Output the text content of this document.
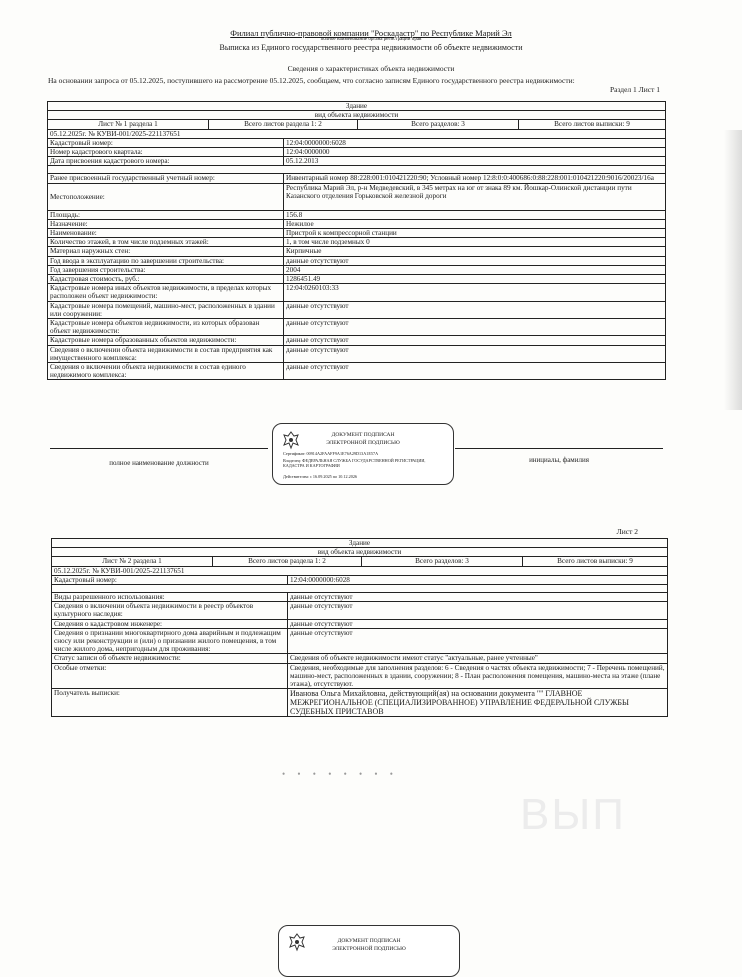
Филиал публично-правовой компании "Роскадастр" по Республике Марий Эл
полное наименование органа регистрации прав
Выписка из Единого государственного реестра недвижимости об объекте недвижимости
Сведения о характеристиках объекта недвижимости
На основании запроса от 05.12.2025, поступившего на рассмотрение 05.12.2025, сообщаем, что согласно записям Единого государственного реестра недвижимости:
Раздел 1 Лист 1
Здание	
вид объекта недвижимости	

Лист № 1 раздела 1 Всего листов раздела 1: 2 Всего разделов: 3 Всего листов выписки: 9	

05.12.2025г. № КУВИ-001/2025-221137651	
Кадастровый номер:	12:04:0000000:6028
Номер кадастрового квартала:	12:04:0000000
Дата присвоения кадастрового номера:	05.12.2013

Ранее присвоенный государственный учетный номер:	Инвентарный номер 88:228:001:010421220:90; Условный номер 12:8:0:0:400686:0:88:228:001:010421220:9016/20023/16а
Местоположение:	Республика Марий Эл, р-н Медведевский, в 345 метрах на юг от знака 89 км. Йошкар-Олинской дистанции пути Казанского отделения Горьковской железной дороги
Площадь:	156.8
Назначение:	Нежилое
Наименование:	Пристрой к компрессорной станции
Количество этажей, в том числе подземных этажей:	1, в том числе подземных 0
Материал наружных стен:	Кирпичные
Год ввода в эксплуатацию по завершении строительства:	данные отсутствуют
Год завершения строительства:	2004
Кадастровая стоимость, руб.:	1286451.49
Кадастровые номера иных объектов недвижимости, в пределах которых расположен объект недвижимости:	12:04:0260103:33
Кадастровые номера помещений, машино-мест, расположенных в здании или сооружении:	данные отсутствуют
Кадастровые номера объектов недвижимости, из которых образован объект недвижимости:	данные отсутствуют
Кадастровые номера образованных объектов недвижимости:	данные отсутствуют
Сведения о включении объекта недвижимости в состав предприятия как имущественного комплекса:	данные отсутствуют
Сведения о включении объекта недвижимости в состав единого недвижимого комплекса:	данные отсутствуют
полное наименование должности	инициалы, фамилия
ДОКУМЕНТ ПОДПИСАН
ЭЛЕКТРОННОЙ ПОДПИСЬЮ
Сертификат: 00914A2FAAFF9A1E76A29D13A1E57A
Владелец: ФЕДЕРАЛЬНАЯ СЛУЖБА ГОСУДАРСТВЕННОЙ РЕГИСТРАЦИИ, КАДАСТРА И КАРТОГРАФИИ
Действителен: с 16.09.2025 по 10.12.2026
Лист 2
Здание	
вид объекта недвижимости	

Лист № 2 раздела 1 Всего листов раздела 1: 2 Всего разделов: 3 Всего листов выписки: 9	

05.12.2025г. № КУВИ-001/2025-221137651	
Кадастровый номер:	12:04:0000000:6028

Виды разрешенного использования:	данные отсутствуют
Сведения о включении объекта недвижимости в реестр объектов культурного наследия:	данные отсутствуют
Сведения о кадастровом инженере:	данные отсутствуют
Сведения о признании многоквартирного дома аварийным и подлежащим сносу или реконструкции и (или) о признании жилого помещения, в том числе жилого дома, непригодным для проживания:	данные отсутствуют
Статус записи об объекте недвижимости:	Сведения об объекте недвижимости имеют статус "актуальные, ранее учтенные"
Особые отметки:	Сведения, необходимые для заполнения разделов: 6 - Сведения о частях объекта недвижимости; 7 - Перечень помещений, машино-мест, расположенных в здании, сооружении; 8 - План расположения помещения, машино-места на этаже (плане этажа), отсутствуют.
Получатель выписки:	Иванова Ольга Михайловна, действующий(ая) на основании документа "" ГЛАВНОЕ МЕЖРЕГИОНАЛЬНОЕ (СПЕЦИАЛИЗИРОВАННОЕ) УПРАВЛЕНИЕ ФЕДЕРАЛЬНОЙ СЛУЖБЫ СУДЕБНЫХ ПРИСТАВОВ
• • • • • • • •
ВЫП
ДОКУМЕНТ ПОДПИСАН
ЭЛЕКТРОННОЙ ПОДПИСЬЮ
